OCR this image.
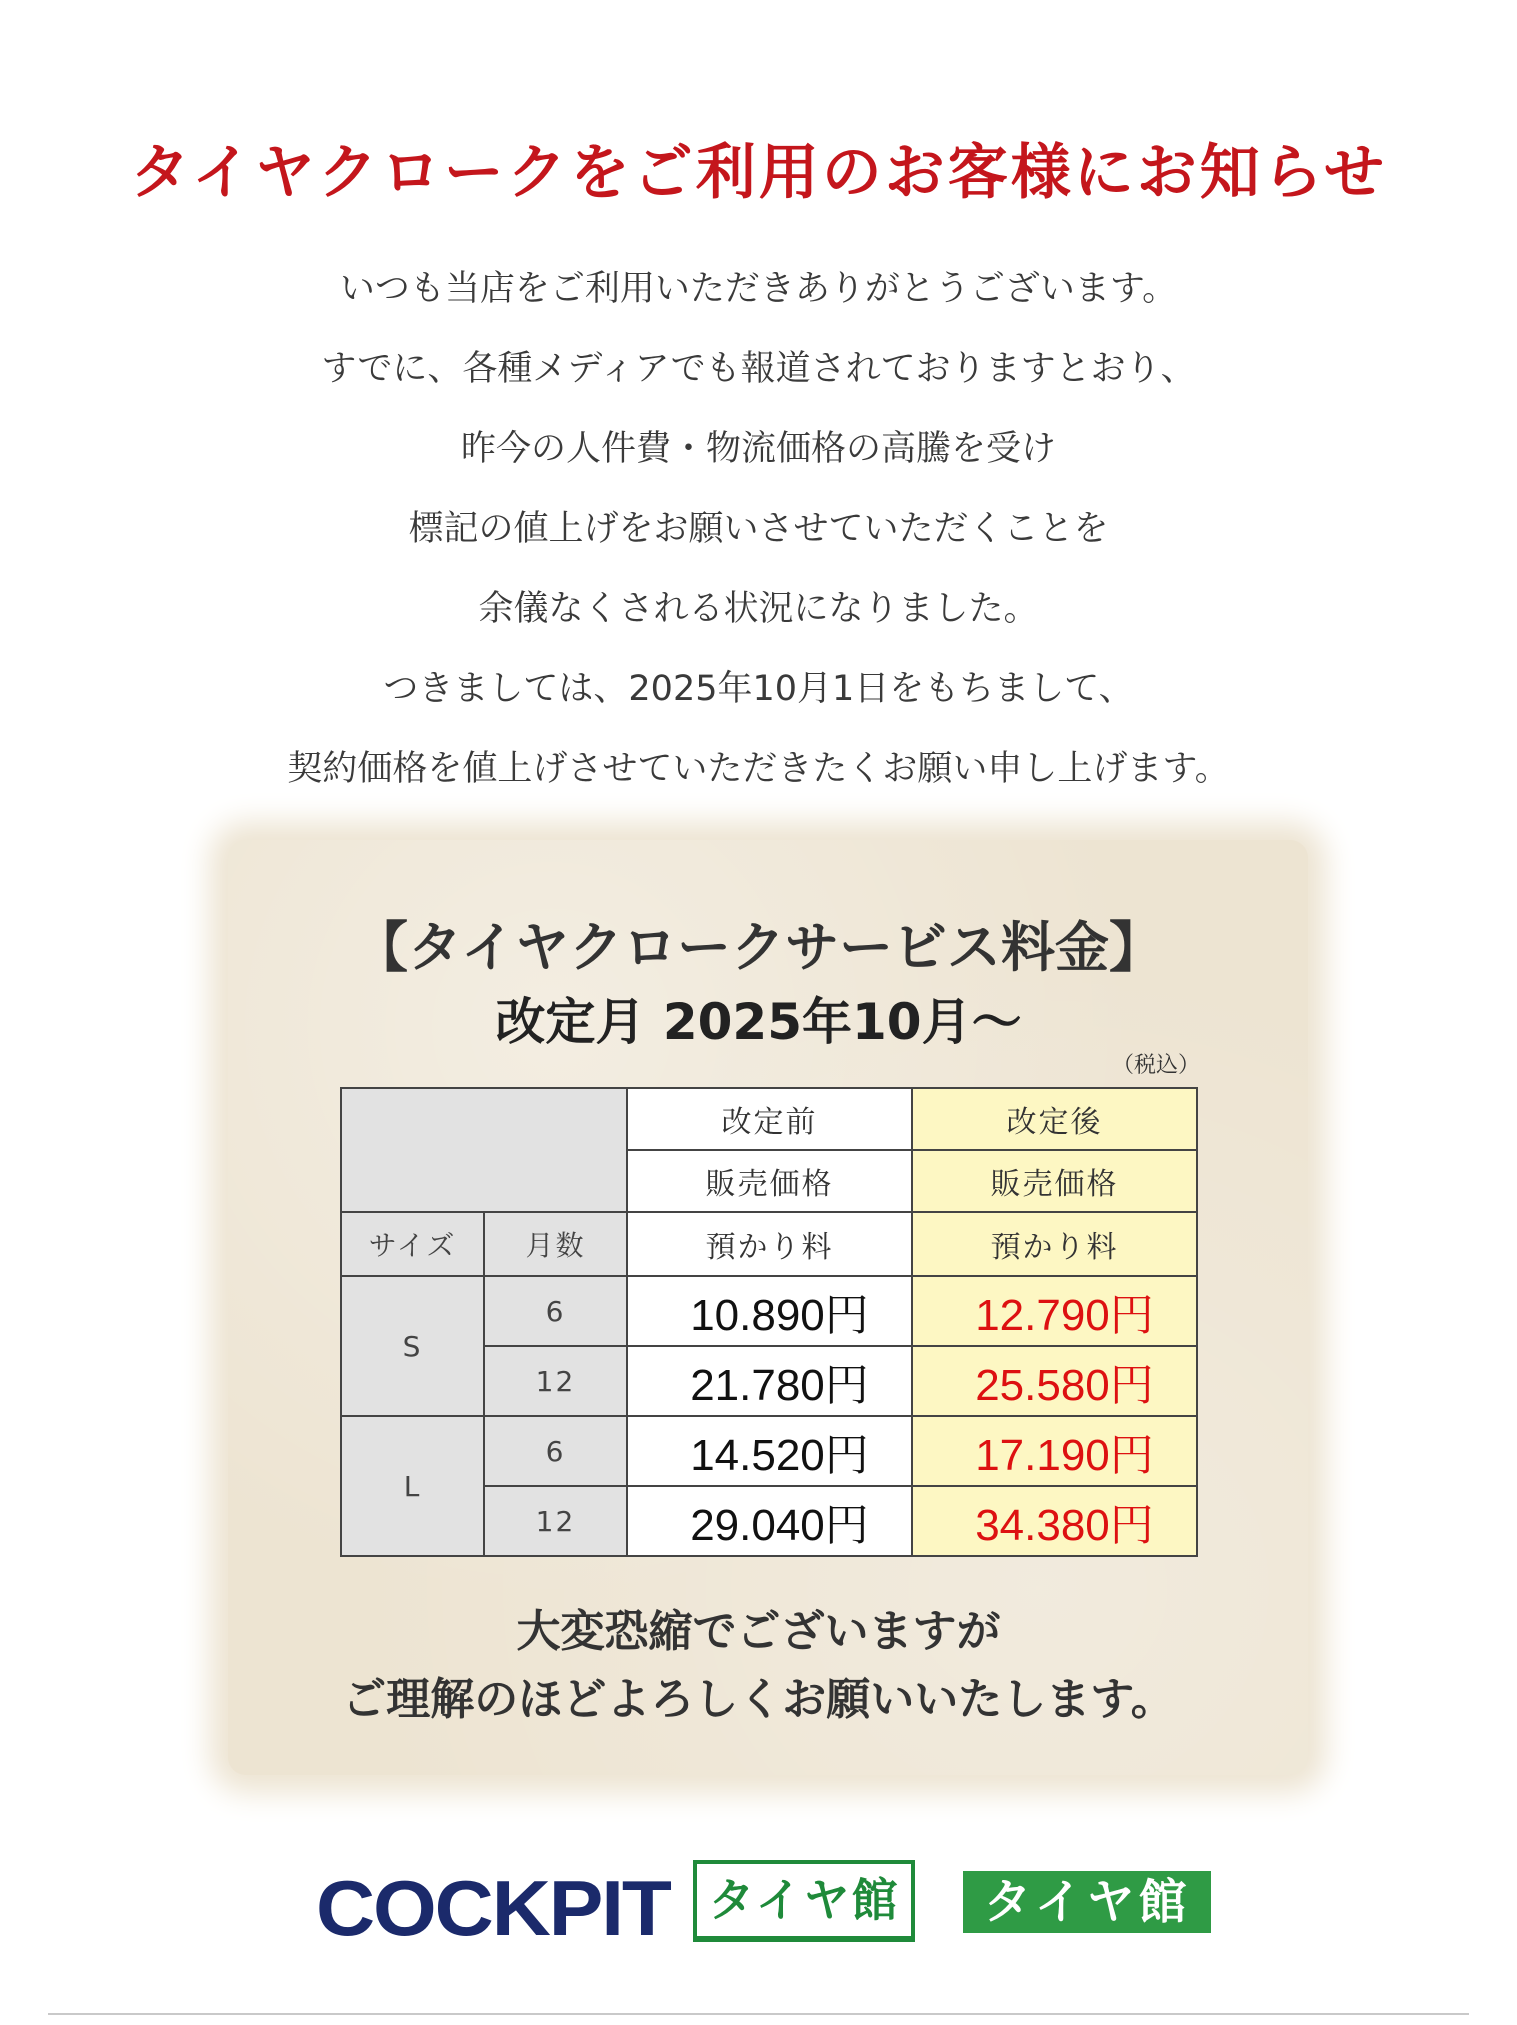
タイヤクロークをご利用のお客様にお知らせ
いつも当店をご利用いただきありがとうございます。
すでに、各種メディアでも報道されておりますとおり、
昨今の人件費・物流価格の高騰を受け
標記の値上げをお願いさせていただくことを
余儀なくされる状況になりました。
つきましては、2025年10月1日をもちまして、
契約価格を値上げさせていただきたくお願い申し上げます。
【タイヤクロークサービス料金】
改定月 2025年10月～
（税込）
		改定前	改定後
		販売価格	販売価格
サイズ	月数	預かり料	預かり料
S	6	10.890円	12.790円
	12	21.780円	25.580円
L	6	14.520円	17.190円
	12	29.040円	34.380円
大変恐縮でございますが
ご理解のほどよろしくお願いいたします。
COCKPIT タイヤ館	タイヤ館
